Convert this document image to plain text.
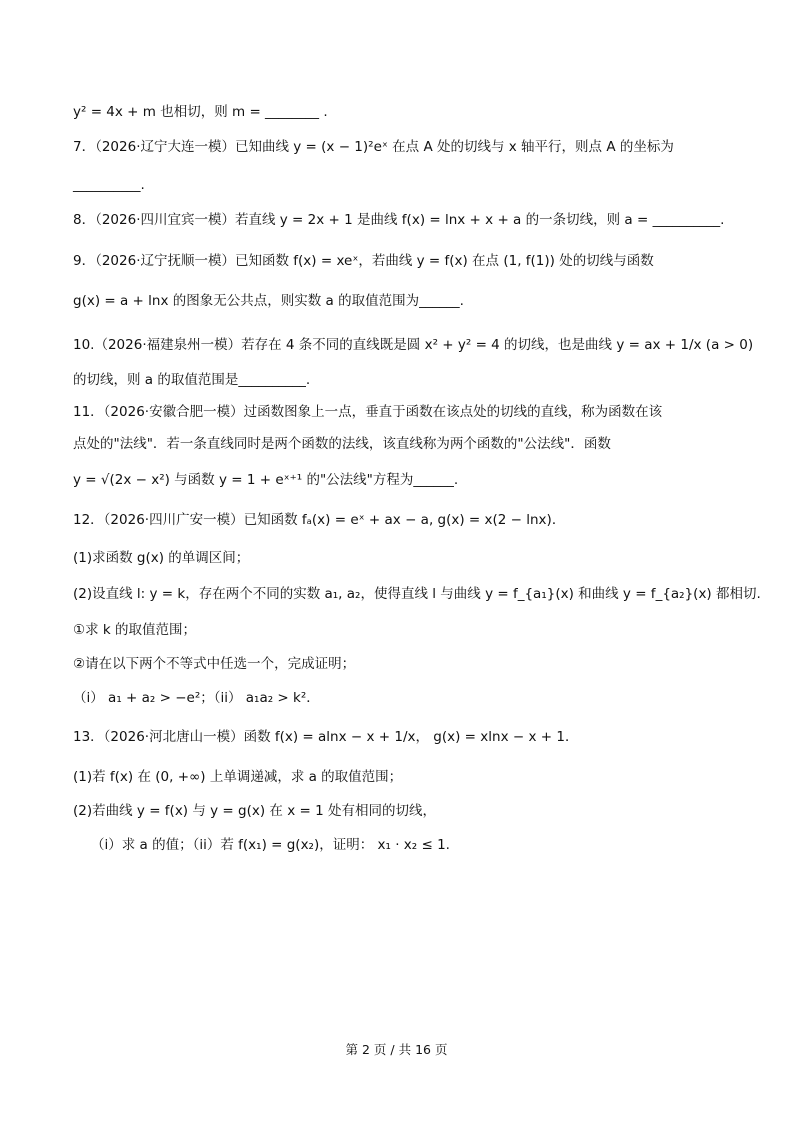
y² = 4x + m 也相切，则 m = ________ .
7．（2026·辽宁大连一模）已知曲线 y = (x − 1)²eˣ 在点 A 处的切线与 x 轴平行，则点 A 的坐标为
__________.
8．（2026·四川宜宾一模）若直线 y = 2x + 1 是曲线 f(x) = lnx + x + a 的一条切线，则 a = __________.
9．（2026·辽宁抚顺一模）已知函数 f(x) = xeˣ，若曲线 y = f(x) 在点 (1, f(1)) 处的切线与函数
g(x) = a + lnx 的图象无公共点，则实数 a 的取值范围为______.
10.（2026·福建泉州一模）若存在 4 条不同的直线既是圆 x² + y² = 4 的切线，也是曲线 y = ax + 1/x (a > 0)
的切线，则 a 的取值范围是__________.
11．（2026·安徽合肥一模）过函数图象上一点，垂直于函数在该点处的切线的直线，称为函数在该
点处的"法线"．若一条直线同时是两个函数的法线，该直线称为两个函数的"公法线"．函数
y = √(2x − x²) 与函数 y = 1 + eˣ⁺¹ 的"公法线"方程为______.
12．（2026·四川广安一模）已知函数 fₐ(x) = eˣ + ax − a, g(x) = x(2 − lnx)．
(1)求函数 g(x) 的单调区间；
(2)设直线 l: y = k，存在两个不同的实数 a₁, a₂，使得直线 l 与曲线 y = f_{a₁}(x) 和曲线 y = f_{a₂}(x) 都相切.
①求 k 的取值范围；
②请在以下两个不等式中任选一个，完成证明；
（i） a₁ + a₂ > −e²；（ii） a₁a₂ > k²．
13．（2026·河北唐山一模）函数 f(x) = alnx − x + 1/x， g(x) = xlnx − x + 1．
(1)若 f(x) 在 (0, +∞) 上单调递减，求 a 的取值范围；
(2)若曲线 y = f(x) 与 y = g(x) 在 x = 1 处有相同的切线，
（i）求 a 的值；（ii）若 f(x₁) = g(x₂)，证明： x₁ · x₂ ≤ 1.
第 2 页 / 共 16 页
